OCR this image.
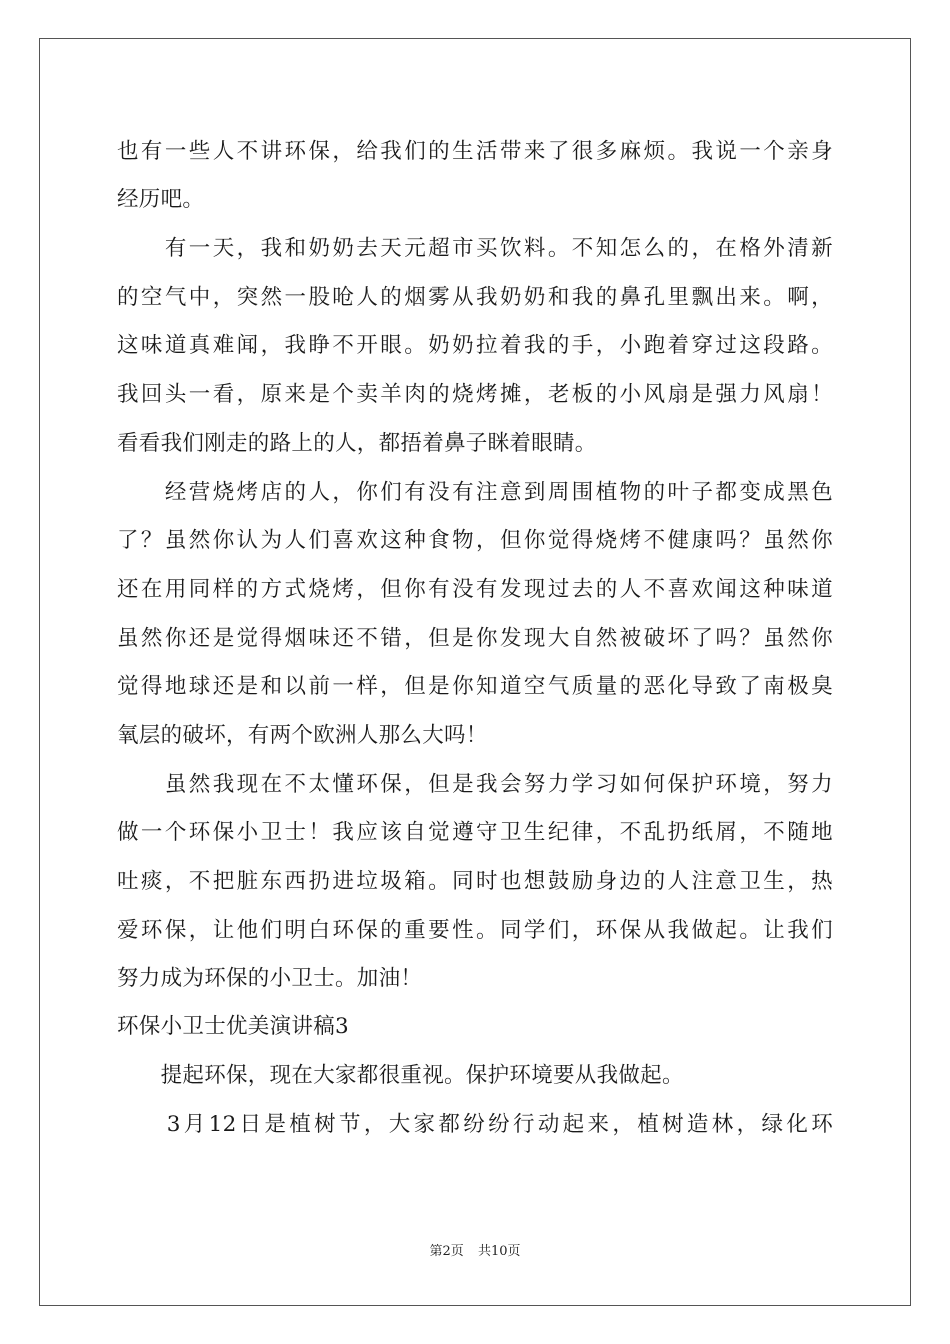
也有一些人不讲环保，给我们的生活带来了很多麻烦。我说一个亲身
经历吧。
　　有一天，我和奶奶去天元超市买饮料。不知怎么的，在格外清新
的空气中，突然一股呛人的烟雾从我奶奶和我的鼻孔里飘出来。啊，
这味道真难闻，我睁不开眼。奶奶拉着我的手，小跑着穿过这段路。
我回头一看，原来是个卖羊肉的烧烤摊，老板的小风扇是强力风扇！
看看我们刚走的路上的人，都捂着鼻子眯着眼睛。
　　经营烧烤店的人，你们有没有注意到周围植物的叶子都变成黑色
了？虽然你认为人们喜欢这种食物，但你觉得烧烤不健康吗？虽然你
还在用同样的方式烧烤，但你有没有发现过去的人不喜欢闻这种味道
虽然你还是觉得烟味还不错，但是你发现大自然被破坏了吗？虽然你
觉得地球还是和以前一样，但是你知道空气质量的恶化导致了南极臭
氧层的破坏，有两个欧洲人那么大吗！
　　虽然我现在不太懂环保，但是我会努力学习如何保护环境，努力
做一个环保小卫士！我应该自觉遵守卫生纪律，不乱扔纸屑，不随地
吐痰，不把脏东西扔进垃圾箱。同时也想鼓励身边的人注意卫生，热
爱环保，让他们明白环保的重要性。同学们，环保从我做起。让我们
努力成为环保的小卫士。加油！
环保小卫士优美演讲稿3
　　提起环保，现在大家都很重视。保护环境要从我做起。
　　3月12日是植树节，大家都纷纷行动起来，植树造林，绿化环
第2页 共10页
